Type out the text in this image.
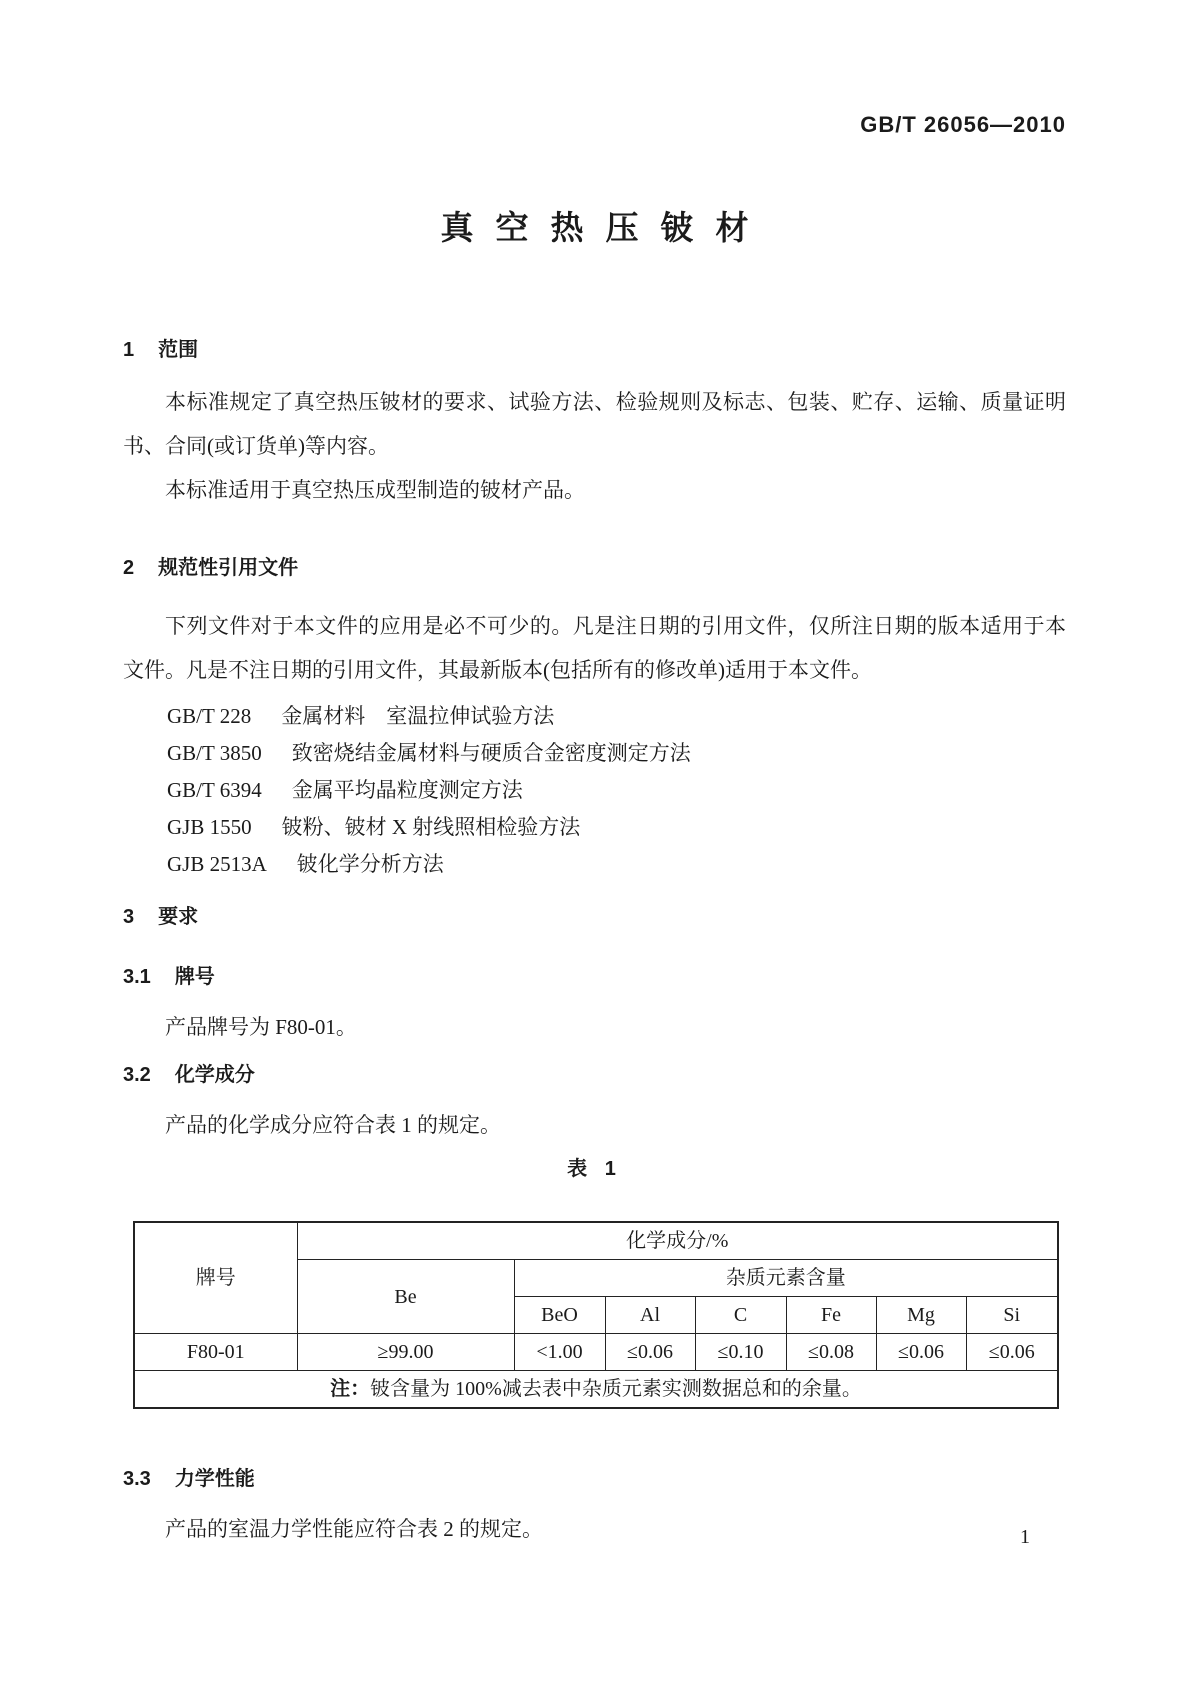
GB/T 26056—2010
真空热压铍材
1 范围

本标准规定了真空热压铍材的要求、试验方法、检验规则及标志、包装、贮存、运输、质量证明书、合同(或订货单)等内容。

本标准适用于真空热压成型制造的铍材产品。

2 规范性引用文件

下列文件对于本文件的应用是必不可少的。凡是注日期的引用文件，仅所注日期的版本适用于本文件。凡是不注日期的引用文件，其最新版本(包括所有的修改单)适用于本文件。

GB/T 228 金属材料　室温拉伸试验方法
GB/T 3850 致密烧结金属材料与硬质合金密度测定方法
GB/T 6394 金属平均晶粒度测定方法
GJB 1550 铍粉、铍材 X 射线照相检验方法
GJB 2513A 铍化学分析方法
3 要求
3.1 牌号

产品牌号为 F80-01。

3.2 化学成分

产品的化学成分应符合表 1 的规定。

表 1
牌号	化学成分/%						
	Be	杂质元素含量					
		BeO	Al	C	Fe	Mg	Si
F80-01	≥99.00	<1.00	≤0.06	≤0.10	≤0.08	≤0.06	≤0.06
注：铍含量为 100%减去表中杂质元素实测数据总和的余量。							
3.3 力学性能

产品的室温力学性能应符合表 2 的规定。	1
